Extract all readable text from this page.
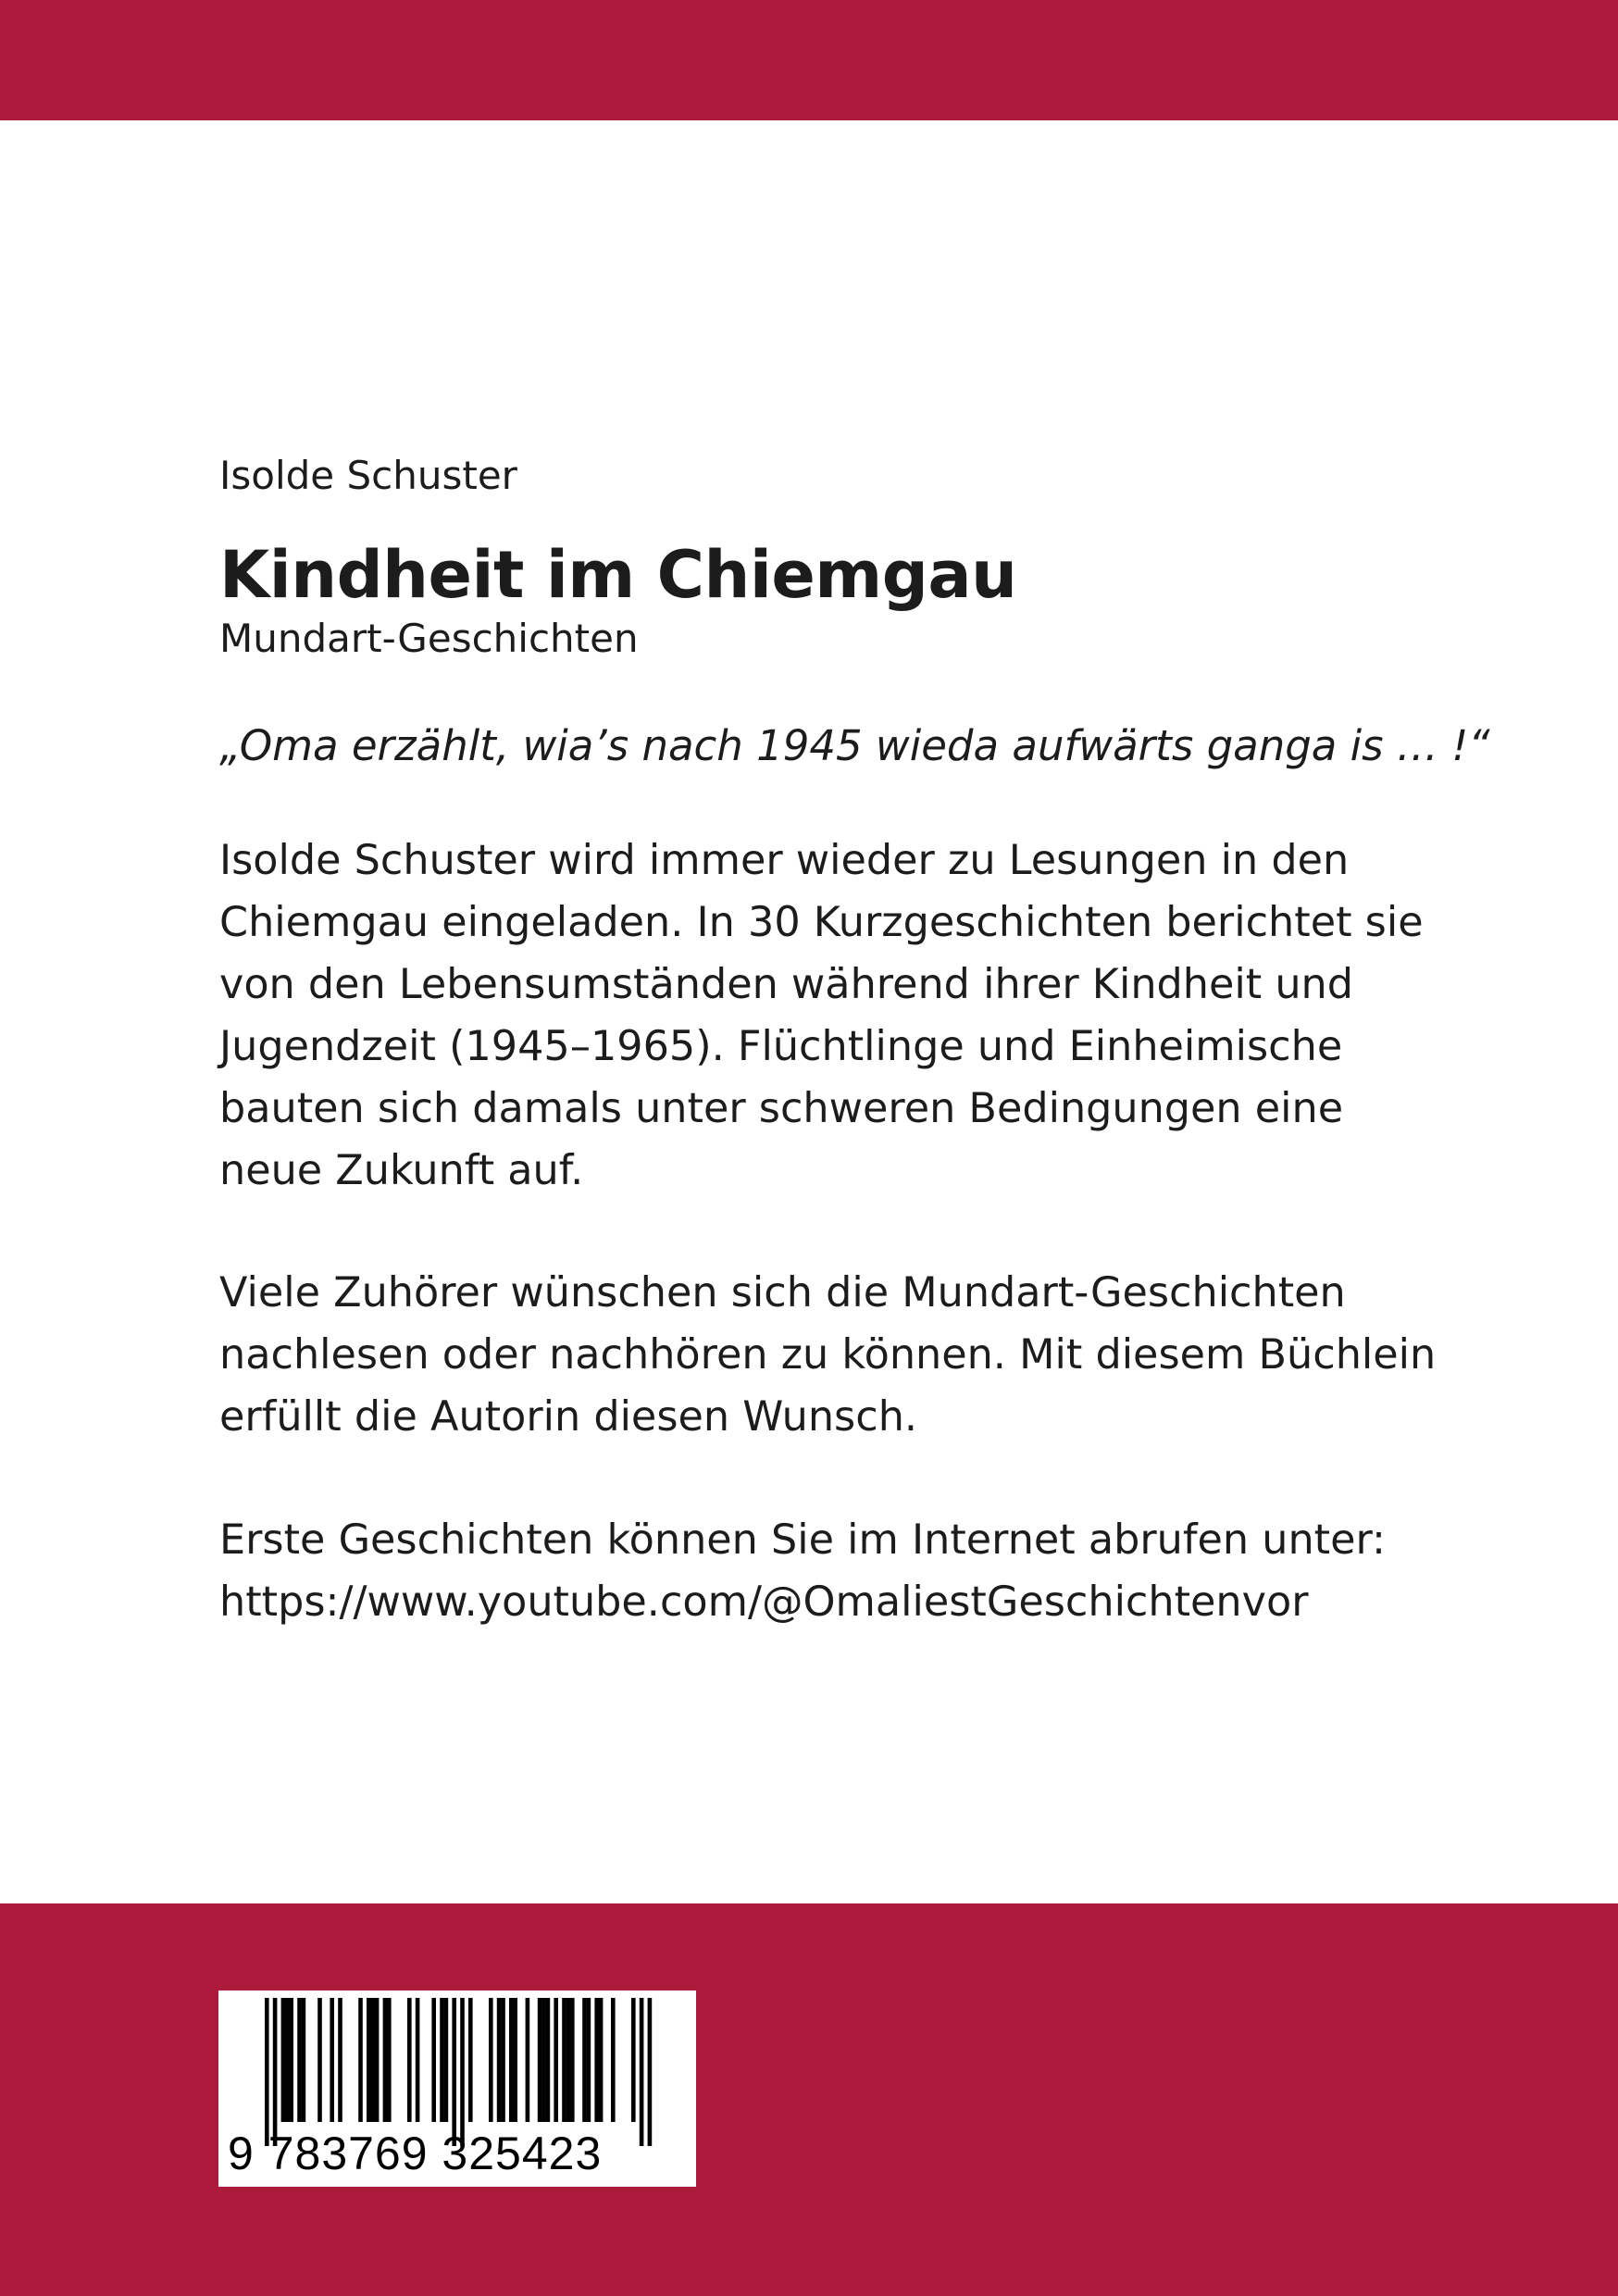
Isolde Schuster
Kindheit im Chiemgau
Mundart-Geschichten
„Oma erzählt, wia’s nach 1945 wieda aufwärts ganga is … !“

Isolde Schuster wird immer wieder zu Lesungen in den
Chiemgau eingeladen. In 30 Kurzgeschichten berichtet sie
von den Lebensumständen während ihrer Kindheit und
Jugendzeit (1945–1965). Flüchtlinge und Einheimische
bauten sich damals unter schweren Bedingungen eine
neue Zukunft auf.

Viele Zuhörer wünschen sich die Mundart-Geschichten
nachlesen oder nachhören zu können. Mit diesem Büchlein
erfüllt die Autorin diesen Wunsch.

Erste Geschichten können Sie im Internet abrufen unter:
https://www.youtube.com/@OmaliestGeschichtenvor

9 783769 325423
